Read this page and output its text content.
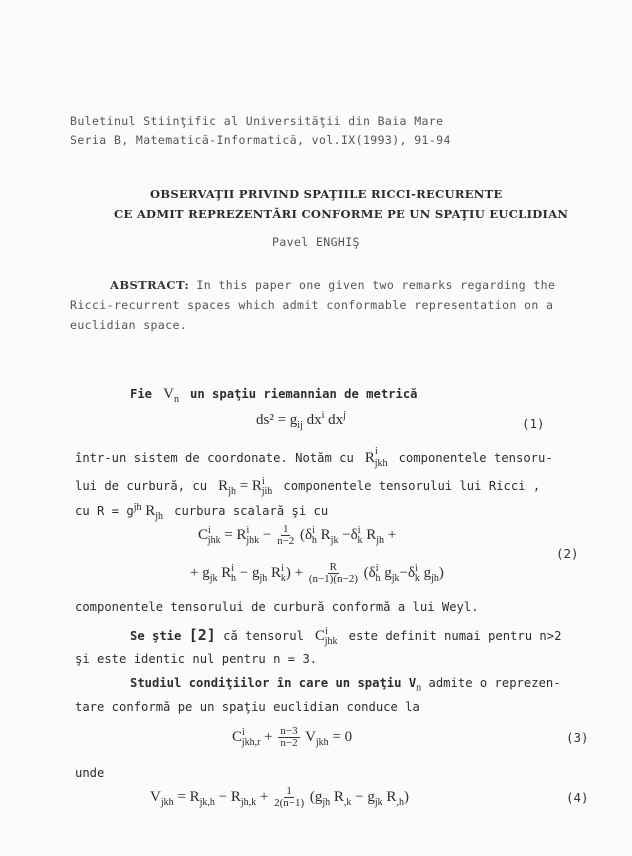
Buletinul Stiinţific al Universităţii din Baia Mare
Seria B, Matematică-Informatică, vol.IX(1993), 91-94
OBSERVAŢII PRIVIND SPAŢIILE RICCI-RECURENTE
CE ADMIT REPREZENTĂRI CONFORME PE UN SPAŢIU EUCLIDIAN
Pavel ENGHIŞ
ABSTRACT: In this paper one given two remarks regarding the
Ricci-recurrent spaces which admit conformable representation on a
euclidian space.
Fie  $V_n$ un spaţiu riemannian de metrică
$ds^2 = g_{ij}$ $dx^i$ $dx^j$
(1)
într-un sistem de coordonate. Notăm cu  $R^i_{jkh}$ componentele tensoru-
lui de curbură, cu  $R_{jh} = R^i_{jih}$ componentele tensorului lui Ricci ,
cu $R = g^{jh}$ $R_{jh}$ curbura scalară şi cu
$C^i_{jhk} = R^i_{jhk} - \frac{1}{n-2} (\delta^i_h$ $R_{jk} -\delta^i_k$ $R_{jh}$ +
(2)
+ $g_{jk}$ $R^i_h - g_{jh}$ $R^i_k) + \frac{R}{(n-1)(n-2)} (\delta^i_h$ $g_{jk}-\delta^i_k$ $g_{jh}$)
componentele tensorului de curbură conformă a lui Weyl.
Se ştie [2] că tensorul  $C^i_{jhk}$ este definit numai pentru n>2
şi este identic nul pentru n = 3.
Studiul condiţiilor în care un spaţiu $V_n$ admite o reprezen-
tare conformă pe un spaţiu euclidian conduce la
$C^i_{jkh,r} + \frac{n-3}{n-2} V_{jkh} = 0$	(3)
unde
$V_{jkh} = R_{jk,h} - R_{jh,k} + \frac{1}{2(n-1)} (g_{jh}$ $R_{,k} - g_{jk}$ $R_{,h}$)	(4)
